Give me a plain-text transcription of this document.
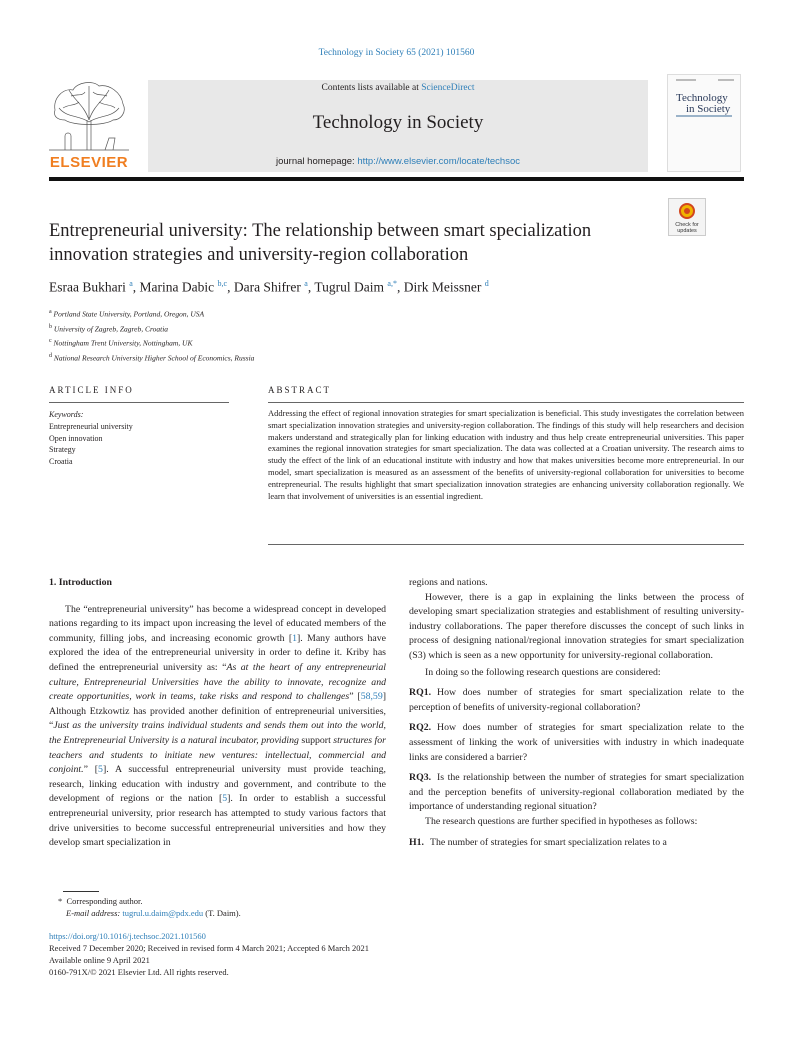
Technology in Society 65 (2021) 101560
ELSEVIER
Contents lists available at ScienceDirect
Technology in Society
journal homepage: http://www.elsevier.com/locate/techsoc
Technology
in Society
Entrepreneurial university: The relationship between smart specialization innovation strategies and university-region collaboration
Check for updates
Esraa Bukhari $^a$, Marina Dabic $^{b,c}$, Dara Shifrer $^a$, Tugrul Daim $^{a,*}$, Dirk Meissner $^d$
$^a$ Portland State University, Portland, Oregon, USA
$^b$ University of Zagreb, Zagreb, Croatia
$^c$ Nottingham Trent University, Nottingham, UK
$^d$ National Research University Higher School of Economics, Russia
ARTICLE INFO
Keywords:
Entrepreneurial university
Open innovation
Strategy
Croatia
ABSTRACT
Addressing the effect of regional innovation strategies for smart specialization is beneficial. This study investigates the correlation between smart specialization innovation strategies and university-region collaboration. The findings of this study will help researchers and decision makers understand and strategically plan for linking education with industry and thus help create entrepreneurial universities. This paper examines the regional innovation strategies for smart specialization. The data was collected at a Croatian university. The research aims to study the effect of the link of an educational institute with industry and how that makes universities become more entrepreneurial. In our model, smart specialization is measured as an assessment of the benefits of university-regional collaboration for universities to become entrepreneurial. The results highlight that smart specialization innovation strategies are enhancing university collaboration regionally. We learn that involvement of universities is an essential ingredient.

1. Introduction

The “entrepreneurial university” has become a widespread concept in developed nations regarding to its impact upon increasing the level of educated members of the community, filling jobs, and increasing economic growth [1]. Many authors have explored the idea of the entrepreneurial university in order to define it. Kriby has defined the entrepreneurial university as: “As at the heart of any entrepreneurial culture, Entrepreneurial Universities have the ability to innovate, recognize and create opportunities, work in teams, take risks and respond to challenges” [58,59] Although Etzkowtiz has provided another definition of entrepreneurial universities, “Just as the university trains individual students and sends them out into the world, the Entrepreneurial University is a natural incubator, providing support structures for teachers and students to initiate new ventures: intellectual, commercial and conjoint.” [5]. A successful entrepreneurial university must provide teaching, research, linking education with industry and government, and contribute to the development of regions or the nation [5]. In order to establish a successful entrepreneurial university, prior research has attempted to study various factors that drive universities to become successful entrepreneurial universities and how they develop smart specialization in

regions and nations.

However, there is a gap in explaining the links between the process of developing smart specialization strategies and establishment of resulting university-industry collaborations. The paper therefore discusses the concept of such links in process of designing national/regional innovation strategies for smart specialization (S3) which is seen as a new opportunity for university-regional collaboration.

In doing so the following research questions are considered:

RQ1. How does number of strategies for smart specialization relate to the perception of benefits of university-regional collaboration?

RQ2. How does number of strategies for smart specialization relate to the assessment of linking the work of universities with industry in which inadequate links are considered a barrier?

RQ3. Is the relationship between the number of strategies for smart specialization and the perception benefits of university-regional collaboration mediated by the importance of understanding regional situation?

The research questions are further specified in hypotheses as follows:

H1. The number of strategies for smart specialization relates to a

* Corresponding author.
E-mail address: tugrul.u.daim@pdx.edu (T. Daim).
https://doi.org/10.1016/j.techsoc.2021.101560
Received 7 December 2020; Received in revised form 4 March 2021; Accepted 6 March 2021
Available online 9 April 2021
0160-791X/© 2021 Elsevier Ltd. All rights reserved.
